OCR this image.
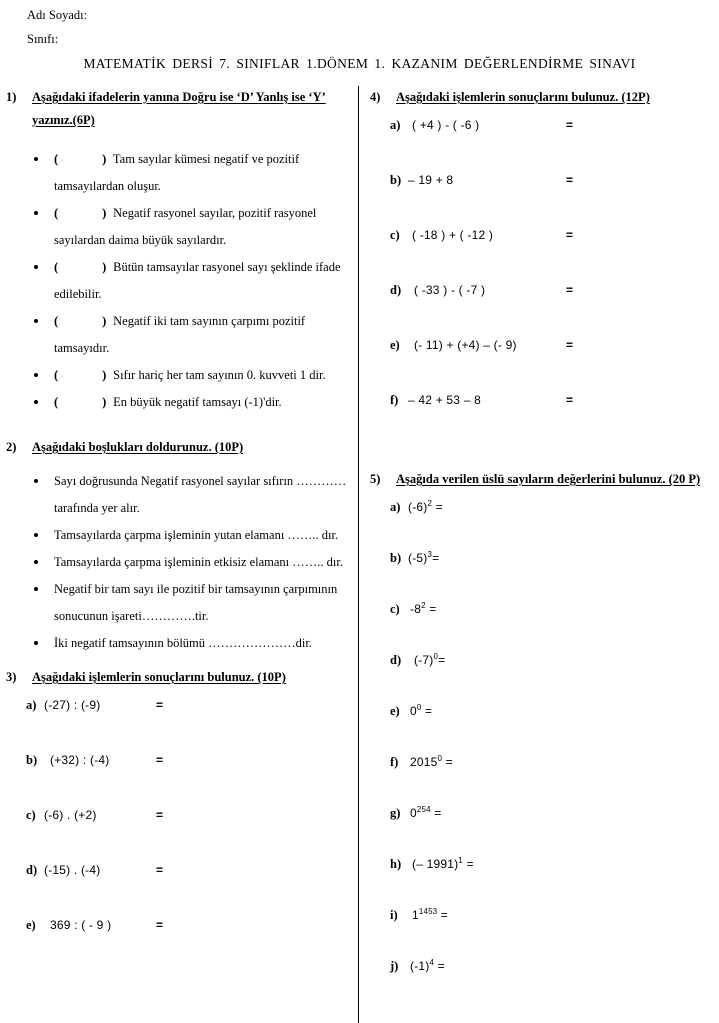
Adı Soyadı:
Sınıfı:
MATEMATİK DERSİ 7. SINIFLAR 1.DÖNEM 1. KAZANIM DEĞERLENDİRME SINAVI
1) Aşağıdaki ifadelerin yanına Doğru ise ‘D’ Yanlış ise ‘Y’ yazınız.(6P)
(	) Tam sayılar kümesi negatif ve pozitif tamsayılardan oluşur.
(	) Negatif rasyonel sayılar, pozitif rasyonel sayılardan daima büyük sayılardır.
(	) Bütün tamsayılar rasyonel sayı şeklinde ifade edilebilir.
(	) Negatif iki tam sayının çarpımı pozitif tamsayıdır.
(	) Sıfır hariç her tam sayının 0. kuvveti 1 dir.
(	) En büyük negatif tamsayı (-1)'dir.
2) Aşağıdaki boşlukları doldurunuz. (10P)
Sayı doğrusunda Negatif rasyonel sayılar sıfırın …………tarafında yer alır.
Tamsayılarda çarpma işleminin yutan elamanı …….. dır.
Tamsayılarda çarpma işleminin etkisiz elamanı …….. dır.
Negatif bir tam sayı ile pozitif bir tamsayının çarpımının sonucunun işareti………….tir.
İki negatif tamsayının bölümü …………………dir.
3) Aşağıdaki işlemlerin sonuçlarını bulunuz. (10P)
a) (-27) : (-9)	=
b) (+32) : (-4)	=
c) (-6) . (+2)	=
d) (-15) . (-4)	=
e) 369 : ( - 9 )	=
4) Aşağıdaki işlemlerin sonuçlarını bulunuz. (12P)
a) ( +4 ) - ( -6 )	=
b) – 19 + 8	=
c) ( -18 ) + ( -12 )	=
d) ( -33 ) - ( -7 )	=
e) (- 11) + (+4) – (- 9)	=
f) – 42 + 53 – 8	=
5) Aşağıda verilen üslü sayıların değerlerini bulunuz. (20 P)
a) $(-6)^2$ =
b) $(-5)^3=$
c) $-8^2$ =
d) $(-7)^0=$
e) $0^0$ =
f) $2015^0$ =
g) $0^{254}$ =
h) (– 1991)$^1$ =
i) $1^{1453}$ =
j) $(-1)^4$ =
